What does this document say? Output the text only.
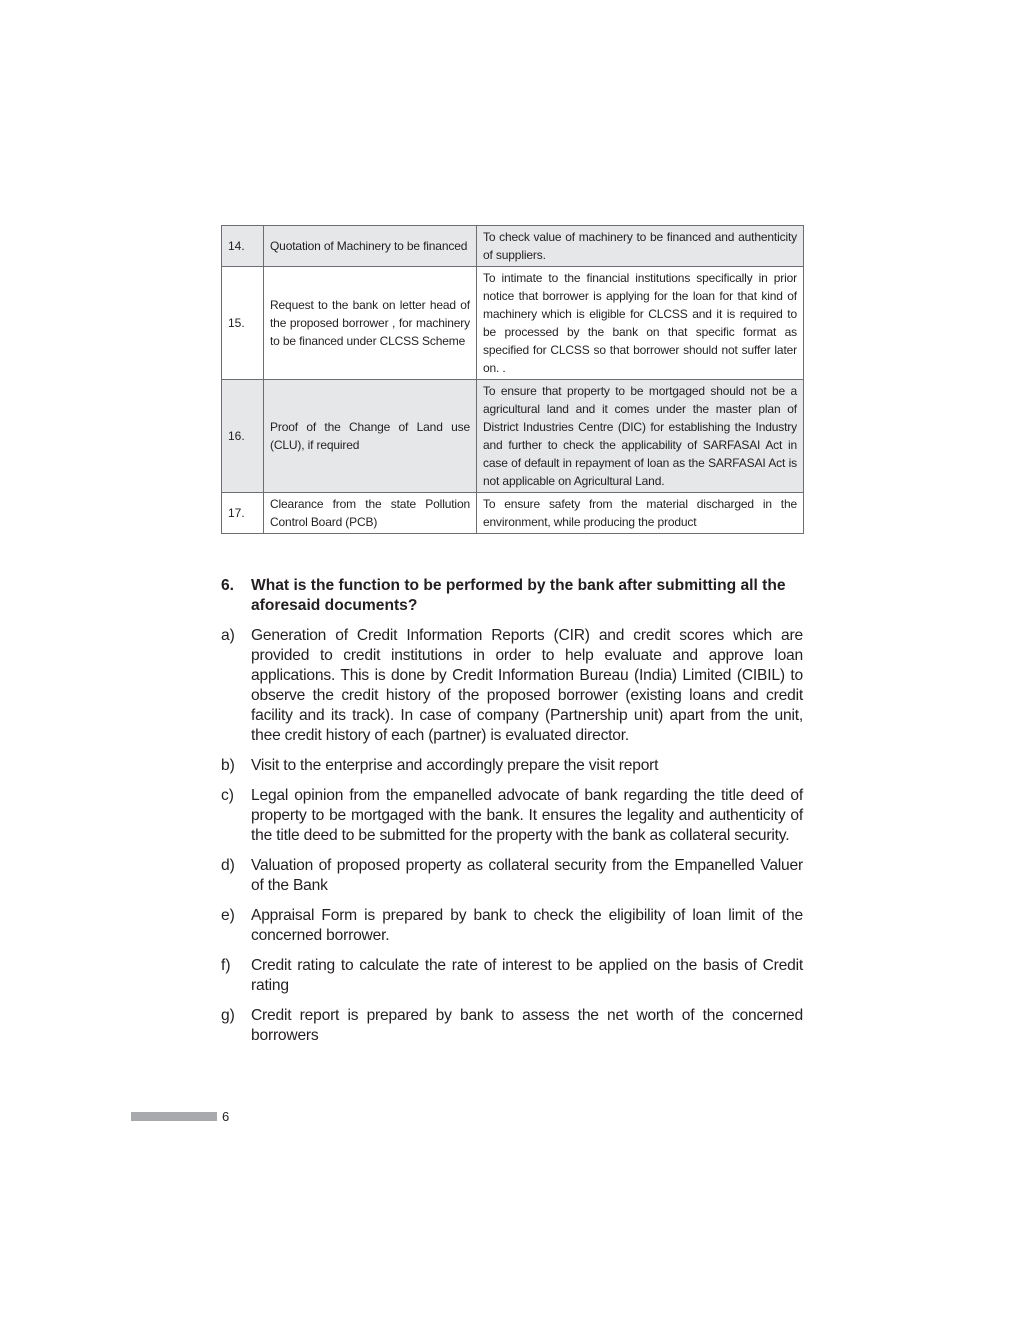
14.	Quotation of Machinery to be financed	To check value of machinery to be financed and authenticity of suppliers.

15.	Request to the bank on letter head of the proposed borrower , for machinery to be financed under CLCSS Scheme	To intimate to the financial institutions specifically in prior notice that borrower is applying for the loan for that kind of machinery which is eligible for CLCSS and it is required to be processed by the bank on that specific format as specified for CLCSS so that borrower should not suffer later on. .

16.	Proof of the Change of Land use (CLU), if required	To ensure that property to be mortgaged should not be a agricultural land and it comes under the master plan of District Industries Centre (DIC) for establishing the Industry and further to check the applicability of SARFASAI Act in case of default in repayment of loan as the SARFASAI Act is not applicable on Agricultural Land.

17.	Clearance from the state Pollution Control Board (PCB)	To ensure safety from the material discharged in the environment, while producing the product
6.	What is the function to be performed by the bank after submitting all the aforesaid documents?
a)	Generation of Credit Information Reports (CIR) and credit scores which are provided to credit institutions in order to help evaluate and approve loan applications. This is done by Credit Information Bureau (India) Limited (CIBIL) to observe the credit history of the proposed borrower (existing loans and credit facility and its track). In case of company (Partnership unit) apart from the unit, thee credit history of each (partner) is evaluated director.
b)	Visit to the enterprise and accordingly prepare the visit report
c)	Legal opinion from the empanelled advocate of bank regarding the title deed of property to be mortgaged with the bank. It ensures the legality and authenticity of the title deed to be submitted for the property with the bank as collateral security.
d)	Valuation of proposed property as collateral security from the Empanelled Valuer of the Bank
e)	Appraisal Form is prepared by bank to check the eligibility of loan limit of the concerned borrower.
f)	Credit rating to calculate the rate of interest to be applied on the basis of Credit rating
g)	Credit report is prepared by bank to assess the net worth of the concerned borrowers
6
